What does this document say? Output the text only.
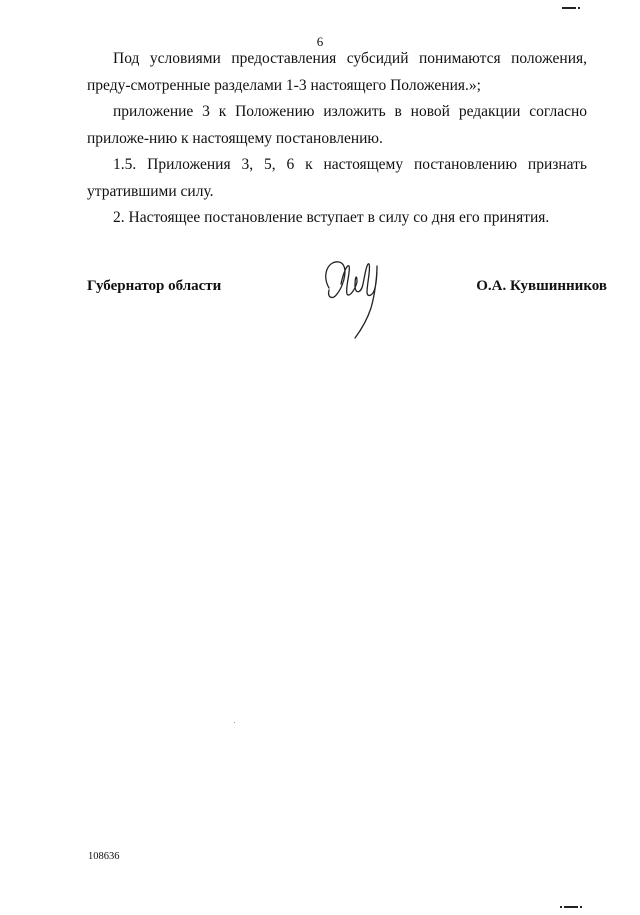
6

Под условиями предоставления субсидий понимаются положения, преду-смотренные разделами 1-3 настоящего Положения.»;

приложение 3 к Положению изложить в новой редакции согласно приложе-нию к настоящему постановлению.

1.5. Приложения 3, 5, 6 к настоящему постановлению признать утратившими силу.

2. Настоящее постановление вступает в силу со дня его принятия.

Губернатор области	О.А. Кувшинников
108636
